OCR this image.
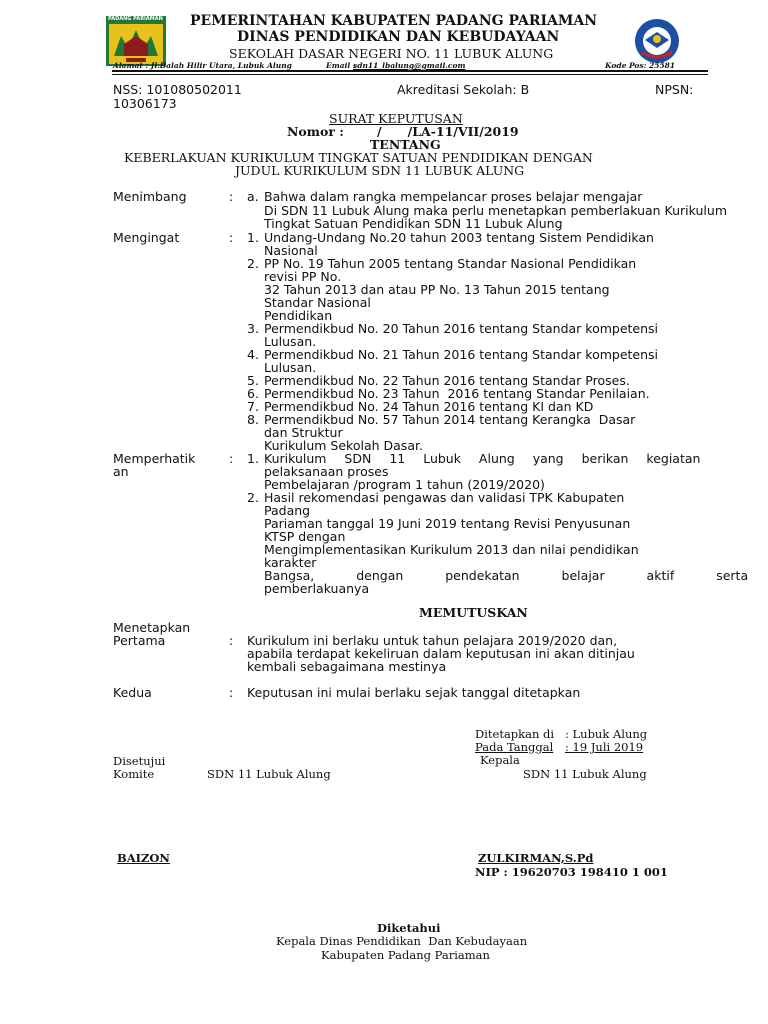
PADANG PARIAMAN PEMERINTAHAN KABUPATEN PADANG PARIAMAN
DINAS PENDIDIKAN DAN KEBUDAYAAN
SEKOLAH DASAR NEGERI NO. 11 LUBUK ALUNG
Alamat : Jl.Balah Hilir Utara, Lubuk Alung	Email :
sdn11_lbalung@gmail.com	Kode Pos: 25581
NSS: 101080502011
10306173
Akreditasi Sekolah: B	NPSN:
SURAT KEPUTUSAN
Nomor :	/      /LA-11/VII/2019
TENTANG
KEBERLAKUAN KURIKULUM TINGKAT SATUAN PENDIDIKAN DENGAN
JUDUL KURIKULUM SDN 11 LUBUK ALUNG
Menimbang	: a. Bahwa dalam rangka mempelancar proses belajar mengajar
Di SDN 11 Lubuk Alung maka perlu menetapkan pemberlakuan Kurikulum
Tingkat Satuan Pendidikan SDN 11 Lubuk Alung
Mengingat	: 1. Undang-Undang No.20 tahun 2003 tentang Sistem Pendidikan
Nasional
2. PP No. 19 Tahun 2005 tentang Standar Nasional Pendidikan
revisi PP No.
32 Tahun 2013 dan atau PP No. 13 Tahun 2015 tentang
Standar Nasional
Pendidikan
3. Permendikbud No. 20 Tahun 2016 tentang Standar kompetensi
Lulusan.
4. Permendikbud No. 21 Tahun 2016 tentang Standar kompetensi
Lulusan.
5. Permendikbud No. 22 Tahun 2016 tentang Standar Proses.
6. Permendikbud No. 23 Tahun  2016 tentang Standar Penilaian.
7. Permendikbud No. 24 Tahun 2016 tentang KI dan KD
8. Permendikbud No. 57 Tahun 2014 tentang Kerangka  Dasar
dan Struktur
Kurikulum Sekolah Dasar.
Memperhatik
an
: 1. Kurikulum SDN 11 Lubuk Alung yang berikan kegiatan
pelaksanaan proses
Pembelajaran /program 1 tahun (2019/2020)
2. Hasil rekomendasi pengawas dan validasi TPK Kabupaten
Padang
Pariaman tanggal 19 Juni 2019 tentang Revisi Penyusunan
KTSP dengan
Mengimplementasikan Kurikulum 2013 dan nilai pendidikan
karakter
Bangsa, dengan pendekatan belajar aktif serta
pemberlakuanya
MEMUTUSKAN
Menetapkan
Pertama	: Kurikulum ini berlaku untuk tahun pelajara 2019/2020 dan,
apabila terdapat kekeliruan dalam keputusan ini akan ditinjau
kembali sebagaimana mestinya
Kedua	: Keputusan ini mulai berlaku sejak tanggal ditetapkan
Ditetapkan di : Lubuk Alung
Pada Tanggal : 19 Juli 2019
Kepala
Disetujui
Komite	SDN 11 Lubuk Alung	SDN 11 Lubuk Alung
BAIZON	ZULKIRMAN,S.Pd
NIP : 19620703 198410 1 001
Diketahui
Kepala Dinas Pendidikan  Dan Kebudayaan
Kabupaten Padang Pariaman
